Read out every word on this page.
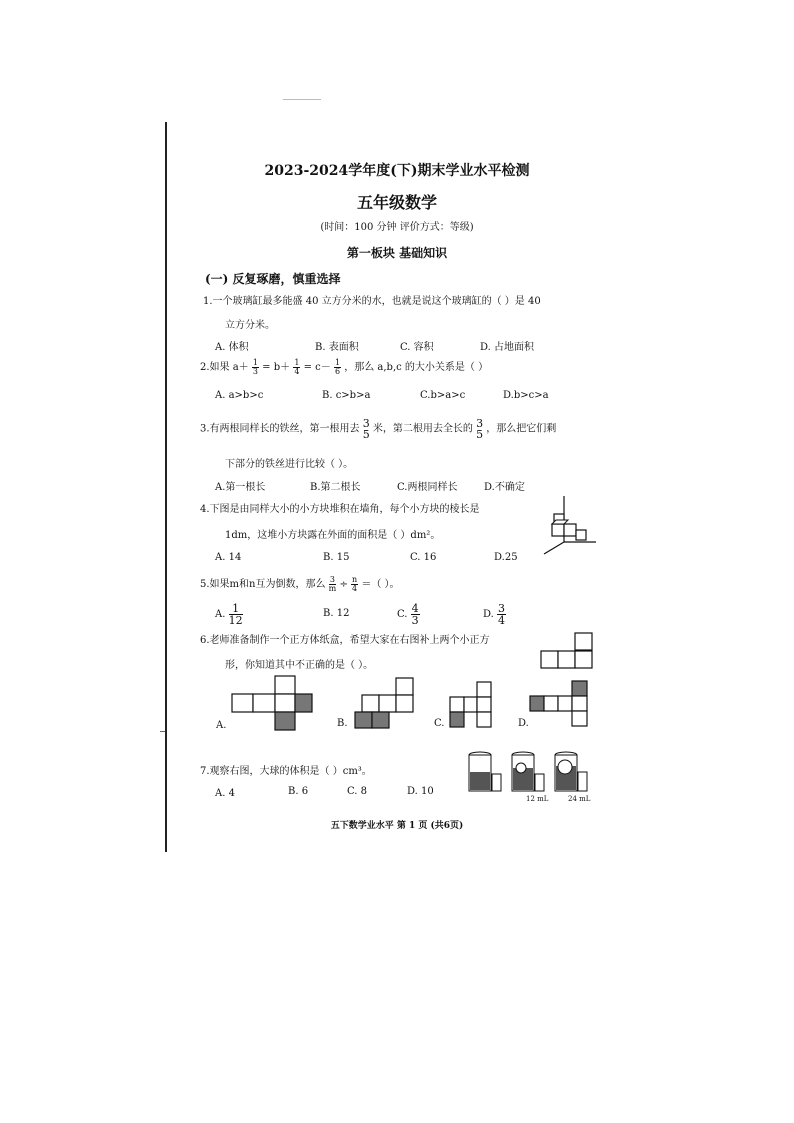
2023-2024学年度(下)期末学业水平检测
五年级数学
(时间：100 分钟 评价方式：等级)
第一板块 基础知识
(一) 反复琢磨，慎重选择
1.一个玻璃缸最多能盛 40 立方分米的水，也就是说这个玻璃缸的（ ）是 40
立方分米。
A. 体积	B. 表面积	C. 容积	D. 占地面积
2.如果 $a+ \frac{1}{3} = b+ \frac{1}{4} = c- \frac{1}{6}$ ，那么 a,b,c 的大小关系是（ ）
A. a>b>c	B. c>b>a	C.b>a>c	D.b>c>a
3.有两根同样长的铁丝，第一根用去 3
5 米，第二根用去全长的 3
5 ，那么把它们剩
下部分的铁丝进行比较（ ）。
A.第一根长	B.第二根长	C.两根同样长	D.不确定
4.下图是由同样大小的小方块堆积在墙角，每个小方块的棱长是
1dm，这堆小方块露在外面的面积是（ ）dm²。
A. 14	B. 15	C. 16	D.25
5.如果m和n互为倒数，那么 $\frac{3}{m} \div \frac{n}{4}$ ＝（ ）。
A. $\frac{1}{12}$	B. 12	C. $\frac{4}{3}$	D. $\frac{3}{4}$
6.老师准备制作一个正方体纸盒，希望大家在右图补上两个小正方
形，你知道其中不正确的是（ ）。
A.	B.	C.	D.
7.观察右图，大球的体积是（ ）cm³。
A. 4	B. 6	C. 8	D. 10
12 mL	24 mL
五下数学业水平 第 1 页 (共6页)
